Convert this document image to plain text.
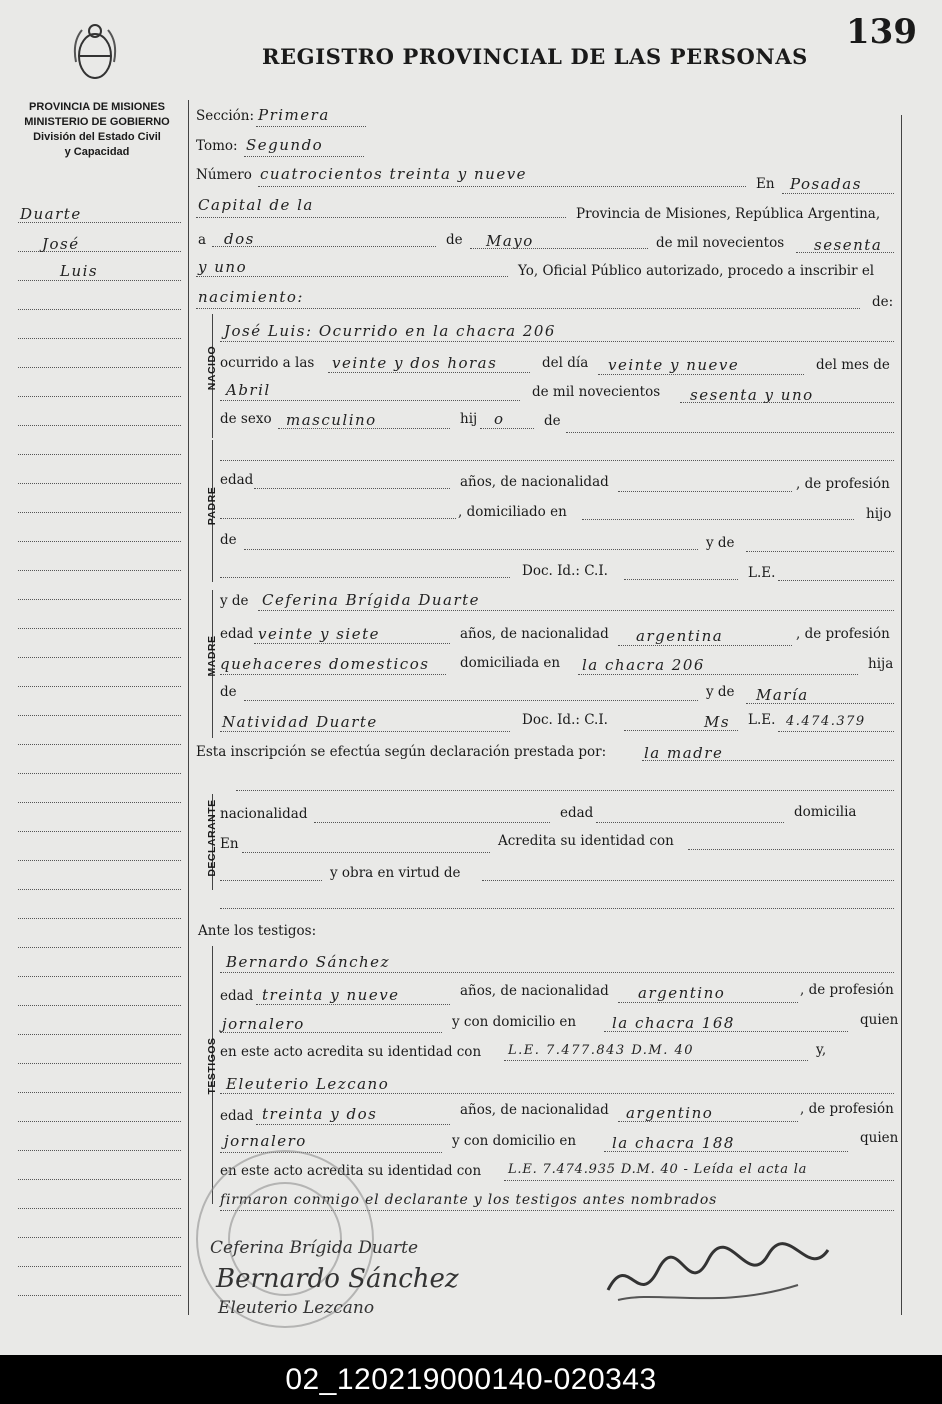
139
REGISTRO PROVINCIAL DE LAS PERSONAS
PROVINCIA DE MISIONES
MINISTERIO DE GOBIERNO
División del Estado Civil
y Capacidad
Duarte
José
Luis
Sección: Primera
Tomo: Segundo
Número cuatrocientos treinta y nueve
En Posadas
Capital de la	Provincia de Misiones, República Argentina,
a dos	de Mayo	de mil novecientos sesenta
y uno	Yo, Oficial Público autorizado, procedo a inscribir el
nacimiento:	de:
NACIDO
José Luis: Ocurrido en la chacra 206
ocurrido a las veinte y dos horas	del día veinte y nueve	del mes de
Abril	de mil novecientos sesenta y uno
de sexo masculino	hij o	de
PADRE
edad	años, de nacionalidad	, de profesión
, domiciliado en	hijo
de	y de
Doc. Id.: C.I.	L.E.
MADRE
y de Ceferina Brígida Duarte
edad veinte y siete	años, de nacionalidad argentina	, de profesión
quehaceres domesticos domiciliada en la chacra 206	hija
de	y de María
Natividad Duarte	Doc. Id.: C.I.	Ms L.E. 4.474.379
Esta inscripción se efectúa según declaración prestada por:	la madre
DECLARANTE nacionalidad	edad	domicilia
En	Acredita su identidad con
y obra en virtud de
Ante los testigos:
TESTIGOS
Bernardo Sánchez
edad treinta y nueve	años, de nacionalidad argentino	, de profesión
jornalero	y con domicilio en la chacra 168	quien
en este acto acredita su identidad con L.E. 7.477.843 D.M. 40	y,
Eleuterio Lezcano
edad treinta y dos	años, de nacionalidad argentino	, de profesión
jornalero	y con domicilio en la chacra 188	quien
en este acto acredita su identidad con L.E. 7.474.935 D.M. 40 - Leída el acta la
firmaron conmigo el declarante y los testigos antes nombrados
Ceferina Brígida Duarte
Bernardo Sánchez
Eleuterio Lezcano
02_120219000140-020343
